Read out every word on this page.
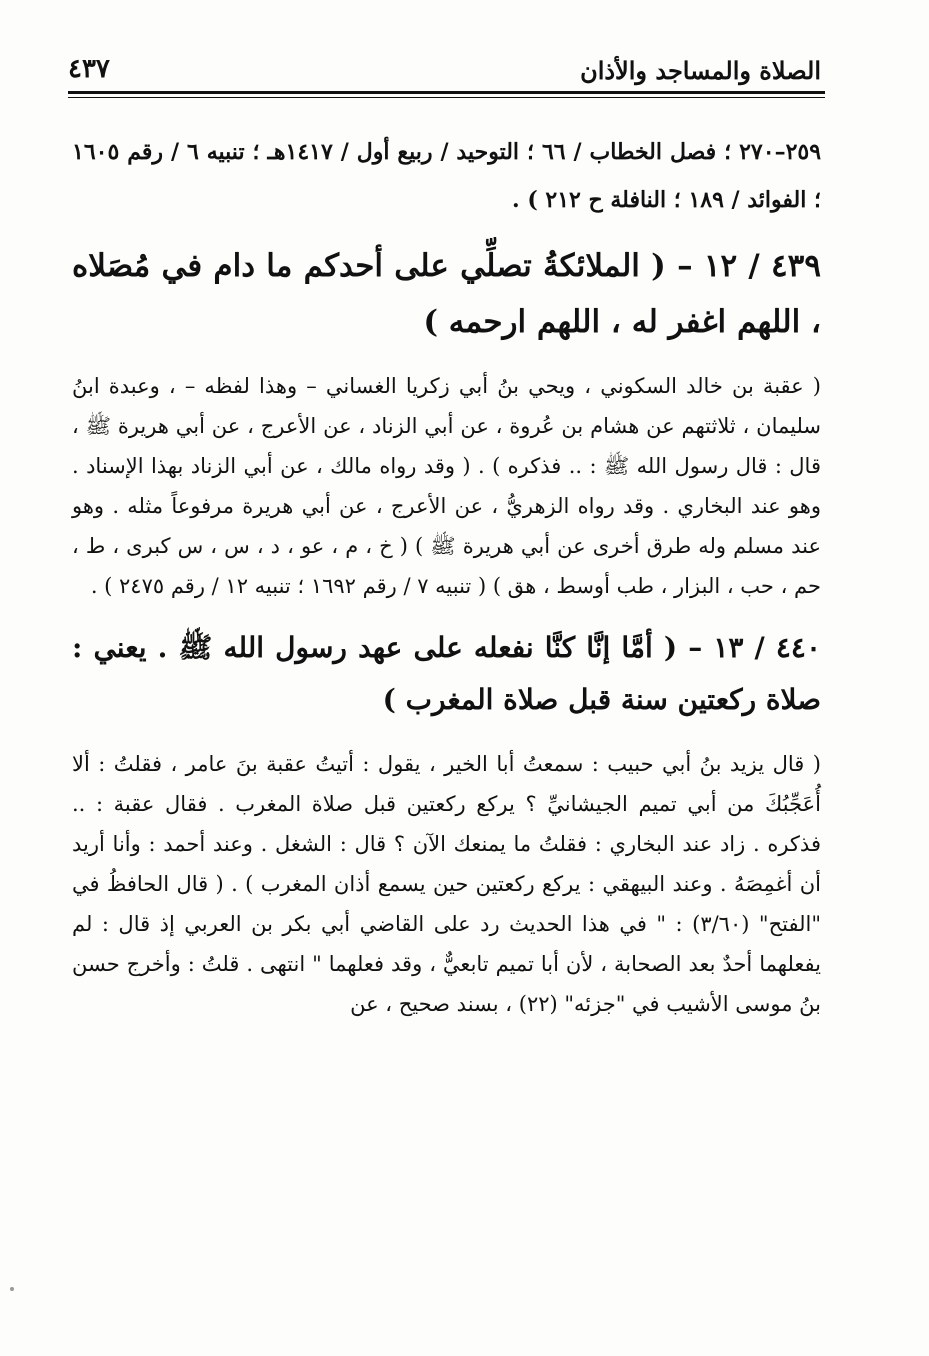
الصلاة والمساجد والأذان
٤٣٧

٢٥٩–٢٧٠ ؛ فصل الخطاب / ٦٦ ؛ التوحيد / ربيع أول / ١٤١٧هـ ؛ تنبيه ٦ / رقم ١٦٠٥ ؛ الفوائد / ١٨٩ ؛ النافلة ح ٢١٢ ) .

٤٣٩ / ١٢ – ( الملائكةُ تصلِّي على أحدكم ما دام في مُصَلاه ، اللهم اغفر له ، اللهم ارحمه )

( عقبة بن خالد السكوني ، ويحي بنُ أبي زكريا الغساني – وهذا لفظه – ، وعبدة ابنُ سليمان ، ثلاثتهم عن هشام بن عُروة ، عن أبي الزناد ، عن الأعرج ، عن أبي هريرة ﷺ ، قال : قال رسول الله ﷺ : .. فذكره ) . ( وقد رواه مالك ، عن أبي الزناد بهذا الإسناد . وهو عند البخاري . وقد رواه الزهريُّ ، عن الأعرج ، عن أبي هريرة مرفوعاً مثله . وهو عند مسلم وله طرق أخرى عن أبي هريرة ﷺ ) ( خ ، م ، عو ، د ، س ، س كبرى ، ط ، حم ، حب ، البزار ، طب أوسط ، هق ) ( تنبيه ٧ / رقم ١٦٩٢ ؛ تنبيه ١٢ / رقم ٢٤٧٥ ) .

٤٤٠ / ١٣ – ( أمَّا إنَّا كنَّا نفعله على عهد رسول الله ﷺ . يعني : صلاة ركعتين سنة قبل صلاة المغرب )

( قال يزيد بنُ أبي حبيب : سمعتُ أبا الخير ، يقول : أتيتُ عقبة بنَ عامر ، فقلتُ : ألا أُعَجِّبُكَ من أبي تميم الجيشانيِّ ؟ يركع ركعتين قبل صلاة المغرب . فقال عقبة : .. فذكره . زاد عند البخاري : فقلتُ ما يمنعك الآن ؟ قال : الشغل . وعند أحمد : وأنا أريد أن أغمِصَهُ . وعند البيهقي : يركع ركعتين حين يسمع أذان المغرب ) . ( قال الحافظُ في "الفتح" (٣/٦٠) : " في هذا الحديث رد على القاضي أبي بكر بن العربي إذ قال : لم يفعلهما أحدٌ بعد الصحابة ، لأن أبا تميم تابعيٌّ ، وقد فعلهما " انتهى . قلتُ : وأخرج حسن بنُ موسى الأشيب في "جزئه" (٢٢) ، بسند صحيح ، عن
